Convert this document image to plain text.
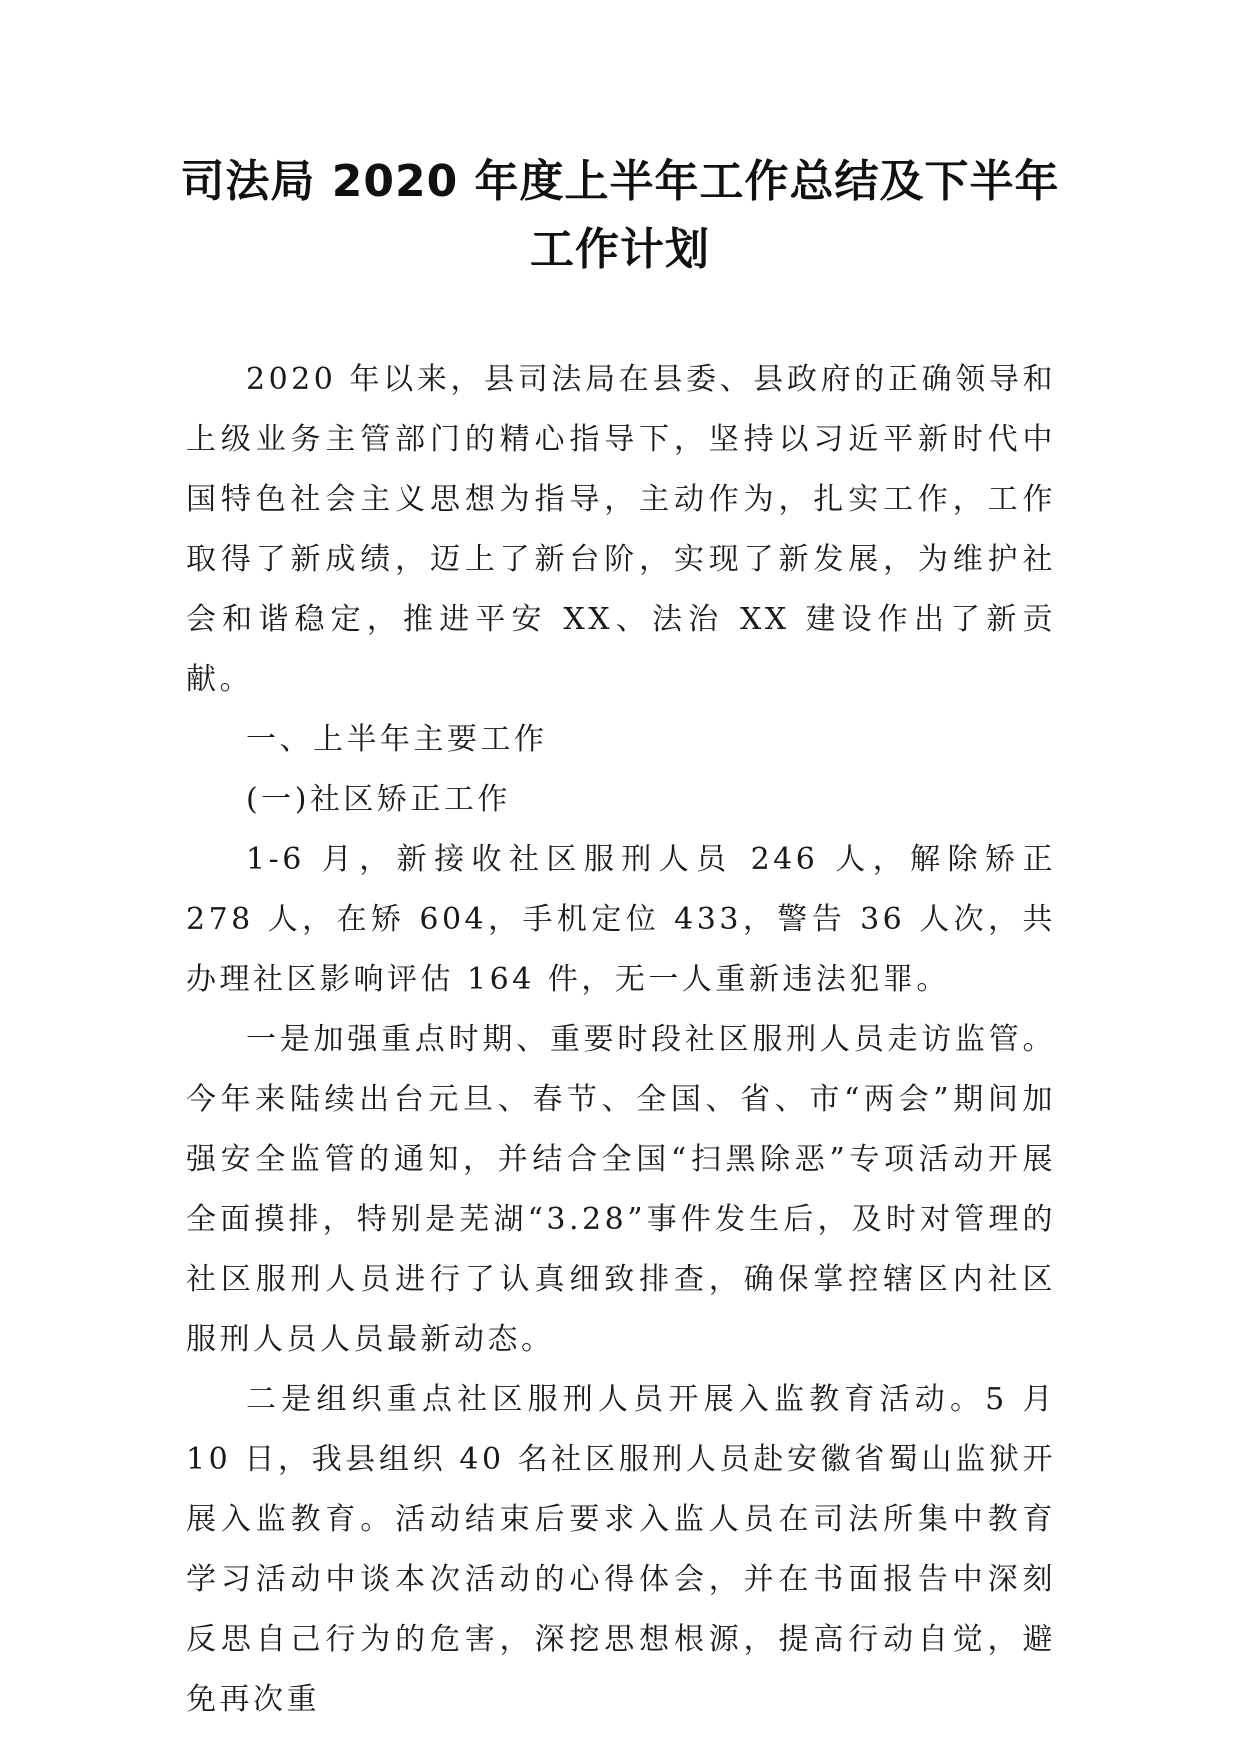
司法局 2020 年度上半年工作总结及下半年
工作计划

2020 年以来，县司法局在县委、县政府的正确领导和上级业务主管部门的精心指导下，坚持以习近平新时代中国特色社会主义思想为指导，主动作为，扎实工作，工作取得了新成绩，迈上了新台阶，实现了新发展，为维护社会和谐稳定，推进平安 XX、法治 XX 建设作出了新贡献。

一、上半年主要工作

(一)社区矫正工作

1-6 月，新接收社区服刑人员 246 人，解除矫正 278 人，在矫 604，手机定位 433，警告 36 人次，共办理社区影响评估 164 件，无一人重新违法犯罪。

一是加强重点时期、重要时段社区服刑人员走访监管。今年来陆续出台元旦、春节、全国、省、市“两会”期间加强安全监管的通知，并结合全国“扫黑除恶”专项活动开展全面摸排，特别是芜湖“3.28”事件发生后，及时对管理的社区服刑人员进行了认真细致排查，确保掌控辖区内社区服刑人员人员最新动态。

二是组织重点社区服刑人员开展入监教育活动。5 月 10 日，我县组织 40 名社区服刑人员赴安徽省蜀山监狱开展入监教育。活动结束后要求入监人员在司法所集中教育学习活动中谈本次活动的心得体会，并在书面报告中深刻反思自己行为的危害，深挖思想根源，提高行动自觉，避免再次重
